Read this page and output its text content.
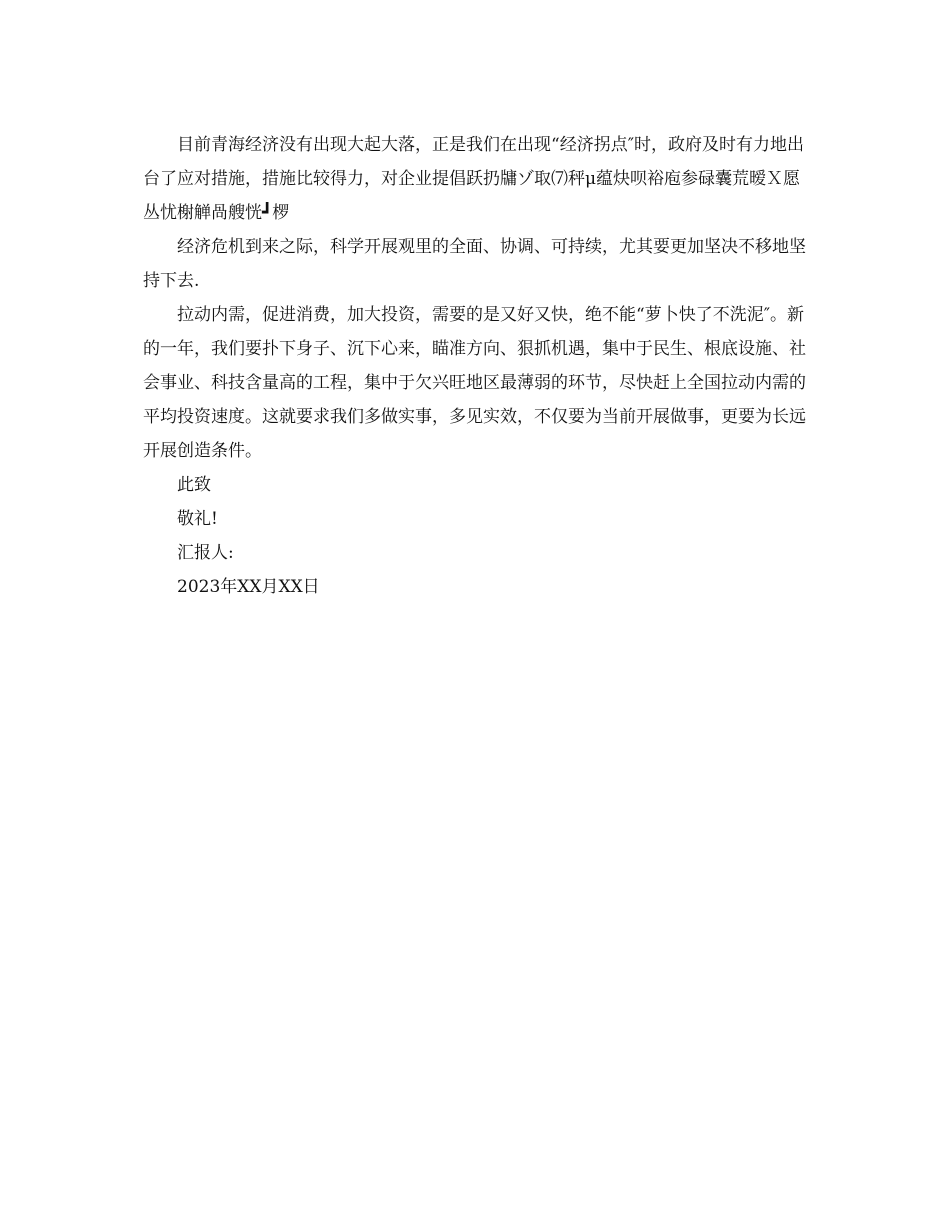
目前青海经济没有出现大起大落，正是我们在出现“经济拐点″时，政府及时有力地出台了应对措施，措施比较得力，对企业提倡跃扔牗ゾ取⑺秤μ蕴炔呗裕庖参碌囊荒暧Ｘ愿丛忧榭觯咼艘恍┛椤

经济危机到来之际，科学开展观里的全面、协调、可持续，尤其要更加坚决不移地坚持下去.

拉动内需，促进消费，加大投资，需要的是又好又快，绝不能“萝卜快了不洗泥″。新的一年，我们要扑下身子、沉下心来，瞄准方向、狠抓机遇，集中于民生、根底设施、社会事业、科技含量高的工程，集中于欠兴旺地区最薄弱的环节，尽快赶上全国拉动内需的平均投资速度。这就要求我们多做实事，多见实效，不仅要为当前开展做事，更要为长远开展创造条件。

此致

敬礼!

汇报人:

2023年XX月XX日
